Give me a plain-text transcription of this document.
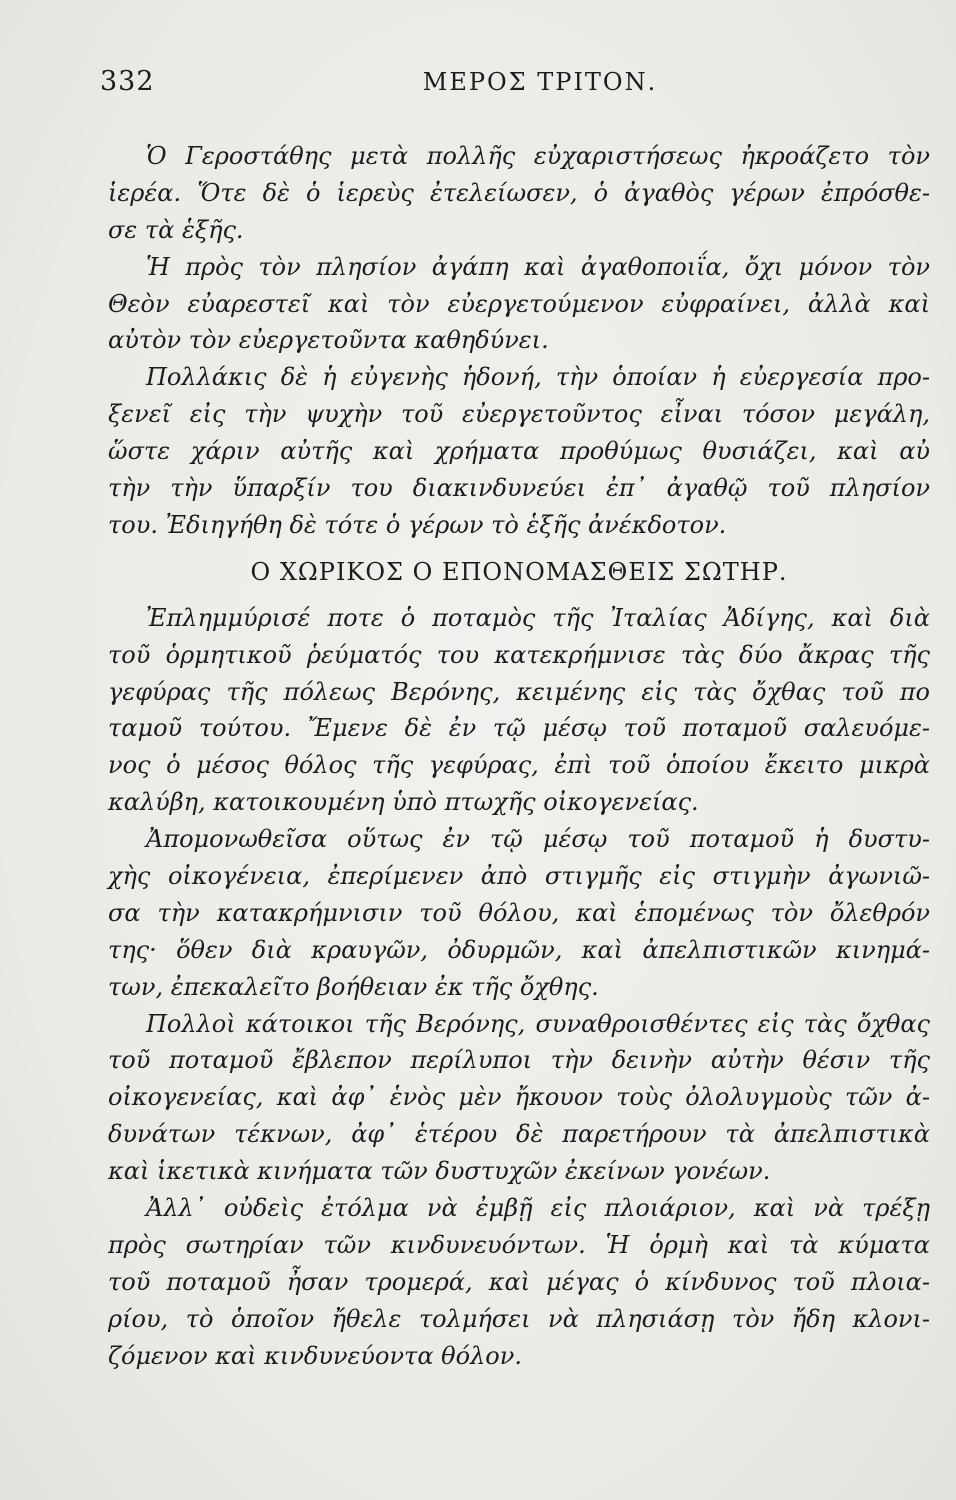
332	ΜΕΡΟΣ ΤΡΙΤΟΝ.
Ὁ Γεροστάθης μετὰ πολλῆς εὐχαριστήσεως ἠκροάζετο τὸν
ἱερέα. Ὅτε δὲ ὁ ἱερεὺς ἐτελείωσεν, ὁ ἀγαθὸς γέρων ἐπρόσθε-
σε τὰ ἑξῆς.
Ἡ πρὸς τὸν πλησίον ἀγάπη καὶ ἀγαθοποιΐα, ὄχι μόνον τὸν
Θεὸν εὐαρεστεῖ καὶ τὸν εὐεργετούμενον εὐφραίνει, ἀλλὰ καὶ
αὐτὸν τὸν εὐεργετοῦντα καθηδύνει.
Πολλάκις δὲ ἡ εὐγενὴς ἡδονή, τὴν ὁποίαν ἡ εὐεργεσία προ-
ξενεῖ εἰς τὴν ψυχὴν τοῦ εὐεργετοῦντος εἶναι τόσον μεγάλη,
ὥστε χάριν αὐτῆς καὶ χρήματα προθύμως θυσιάζει, καὶ αὐ
τὴν τὴν ὕπαρξίν του διακινδυνεύει ἐπ᾽ ἀγαθῷ τοῦ πλησίον
του. Ἐδιηγήθη δὲ τότε ὁ γέρων τὸ ἑξῆς ἀνέκδοτον.
Ο ΧΩΡΙΚΟΣ Ο ΕΠΟΝΟΜΑΣΘΕΙΣ ΣΩΤΗΡ.
Ἐπλημμύρισέ ποτε ὁ ποταμὸς τῆς Ἰταλίας Ἀδίγης, καὶ διὰ
τοῦ ὁρμητικοῦ ῥεύματός του κατεκρήμνισε τὰς δύο ἄκρας τῆς
γεφύρας τῆς πόλεως Βερόνης, κειμένης εἰς τὰς ὄχθας τοῦ πο
ταμοῦ τούτου. Ἔμενε δὲ ἐν τῷ μέσῳ τοῦ ποταμοῦ σαλευόμε-
νος ὁ μέσος θόλος τῆς γεφύρας, ἐπὶ τοῦ ὁποίου ἔκειτο μικρὰ
καλύβη, κατοικουμένη ὑπὸ πτωχῆς οἰκογενείας.
Ἀπομονωθεῖσα οὕτως ἐν τῷ μέσῳ τοῦ ποταμοῦ ἡ δυστυ-
χὴς οἰκογένεια, ἐπερίμενεν ἀπὸ στιγμῆς εἰς στιγμὴν ἀγωνιῶ-
σα τὴν κατακρήμνισιν τοῦ θόλου, καὶ ἑπομένως τὸν ὄλεθρόν
της· ὅθεν διὰ κραυγῶν, ὀδυρμῶν, καὶ ἀπελπιστικῶν κινημά-
των, ἐπεκαλεῖτο βοήθειαν ἐκ τῆς ὄχθης.
Πολλοὶ κάτοικοι τῆς Βερόνης, συναθροισθέντες εἰς τὰς ὄχθας
τοῦ ποταμοῦ ἔβλεπον περίλυποι τὴν δεινὴν αὐτὴν θέσιν τῆς
οἰκογενείας, καὶ ἀφ᾽ ἑνὸς μὲν ἤκουον τοὺς ὀλολυγμοὺς τῶν ἀ-
δυνάτων τέκνων, ἀφ᾽ ἑτέρου δὲ παρετήρουν τὰ ἀπελπιστικὰ
καὶ ἱκετικὰ κινήματα τῶν δυστυχῶν ἐκείνων γονέων.
Ἀλλ᾽ οὐδεὶς ἐτόλμα νὰ ἐμβῇ εἰς πλοιάριον, καὶ νὰ τρέξῃ
πρὸς σωτηρίαν τῶν κινδυνευόντων. Ἡ ὁρμὴ καὶ τὰ κύματα
τοῦ ποταμοῦ ἦσαν τρομερά, καὶ μέγας ὁ κίνδυνος τοῦ πλοια-
ρίου, τὸ ὁποῖον ἤθελε τολμήσει νὰ πλησιάσῃ τὸν ἤδη κλονι-
ζόμενον καὶ κινδυνεύοντα θόλον.
